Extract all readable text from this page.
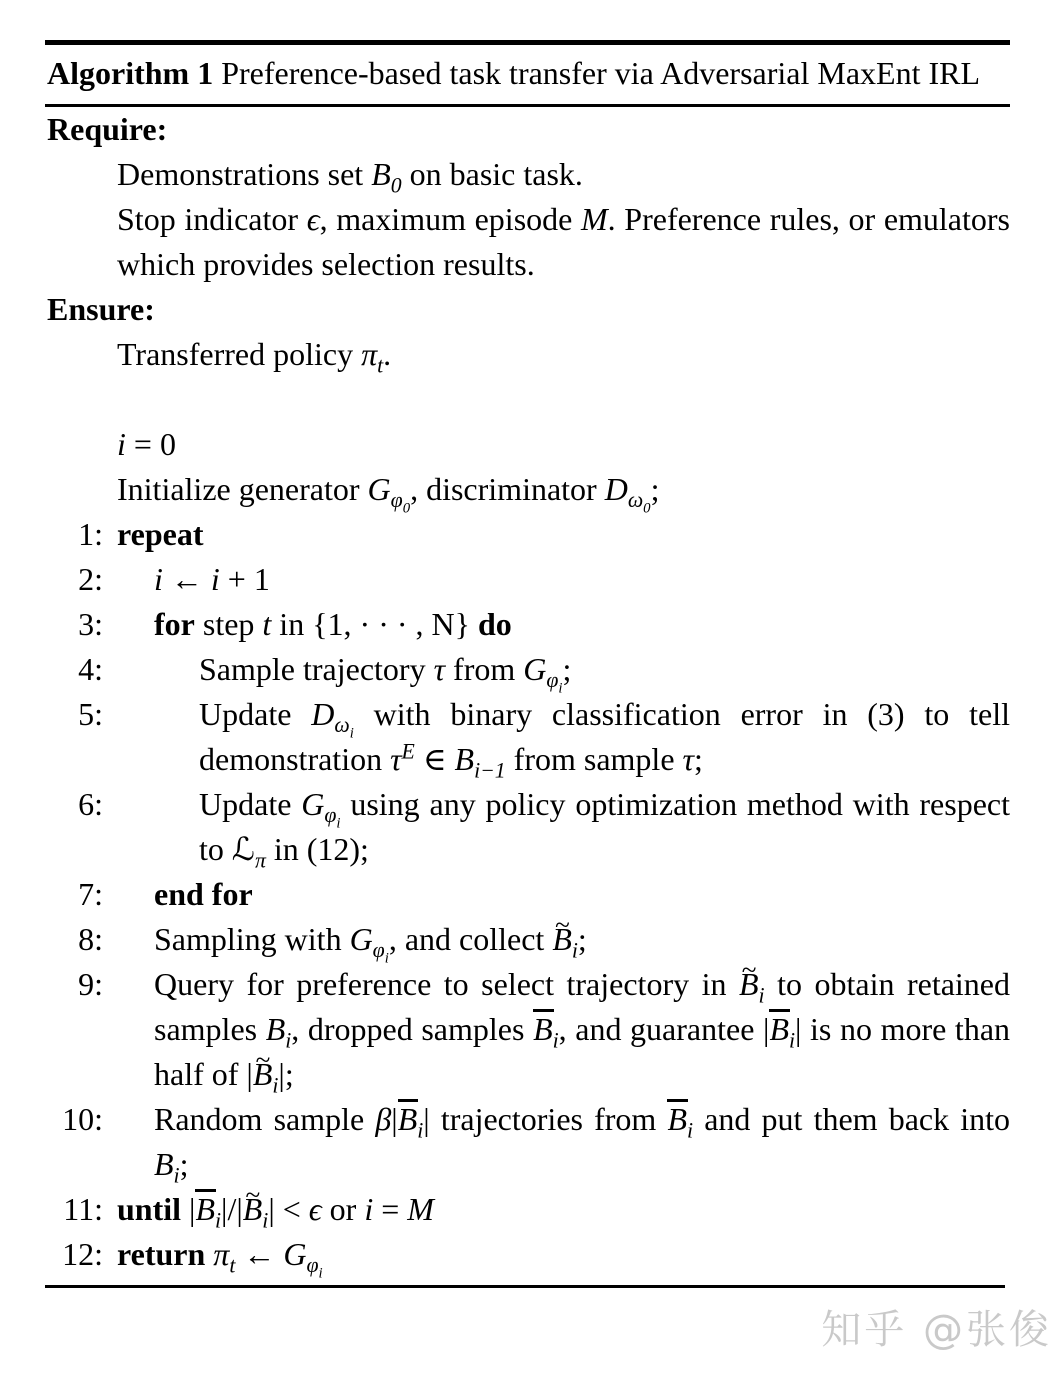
Algorithm 1 Preference-based task transfer via Adversarial MaxEnt IRL
Require:
Demonstrations set $B_0$ on basic task.
Stop indicator ϵ, maximum episode M. Preference rules, or emulators which provides selection results.
Ensure:
Transferred policy $\pi_t$.
i = 0
Initialize generator $G_{\varphi_0}$, discriminator $D_{\omega_0}$;
1: repeat
2:	i ← i + 1
3:	for step t in {1, · · · , N} do
4:	Sample trajectory τ from $G_{\varphi_i}$;
5:	Update $D_{\omega_i}$ with binary classification error in (3) to tell demonstration $\tau^E$ ∈ $B_{i-1}$ from sample τ;
6:	Update $G_{\varphi_i}$ using any policy optimization method with respect to ℒ$_\pi$ in (12);
7:	end for
8:	Sampling with $G_{\varphi_i}$, and collect B $\sim_i$;
9:	Query for preference to select trajectory in B $\sim_i$ to obtain retained samples $B_i$, dropped samples $B_i$, and guarantee $|B_i|$ is no more than half of |B $\sim_i|$;
10:	Random sample $\beta|B_i|$ trajectories from $B_i$ and put them back into $B_i$;
11: until $|B_i|/|B$ $\sim_i| < \epsilon$ or i = M
12: return $\pi_t$ ← $G_{\varphi_i}$
知乎 @张俊
